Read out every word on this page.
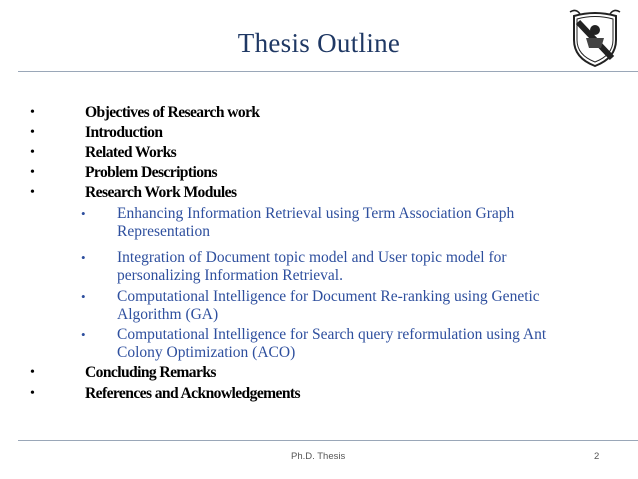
Thesis Outline
•	Objectives of Research work
•	Introduction
•	Related Works
•	Problem Descriptions
•	Research Work Modules
• Enhancing Information Retrieval using Term Association Graph
Representation
• Integration of Document topic model and User topic model for
personalizing Information Retrieval.
• Computational Intelligence for Document Re-ranking using Genetic
Algorithm (GA)
• Computational Intelligence for Search query reformulation using Ant
Colony Optimization (ACO)
•	Concluding Remarks
•	References and Acknowledgements
Ph.D. Thesis	2
